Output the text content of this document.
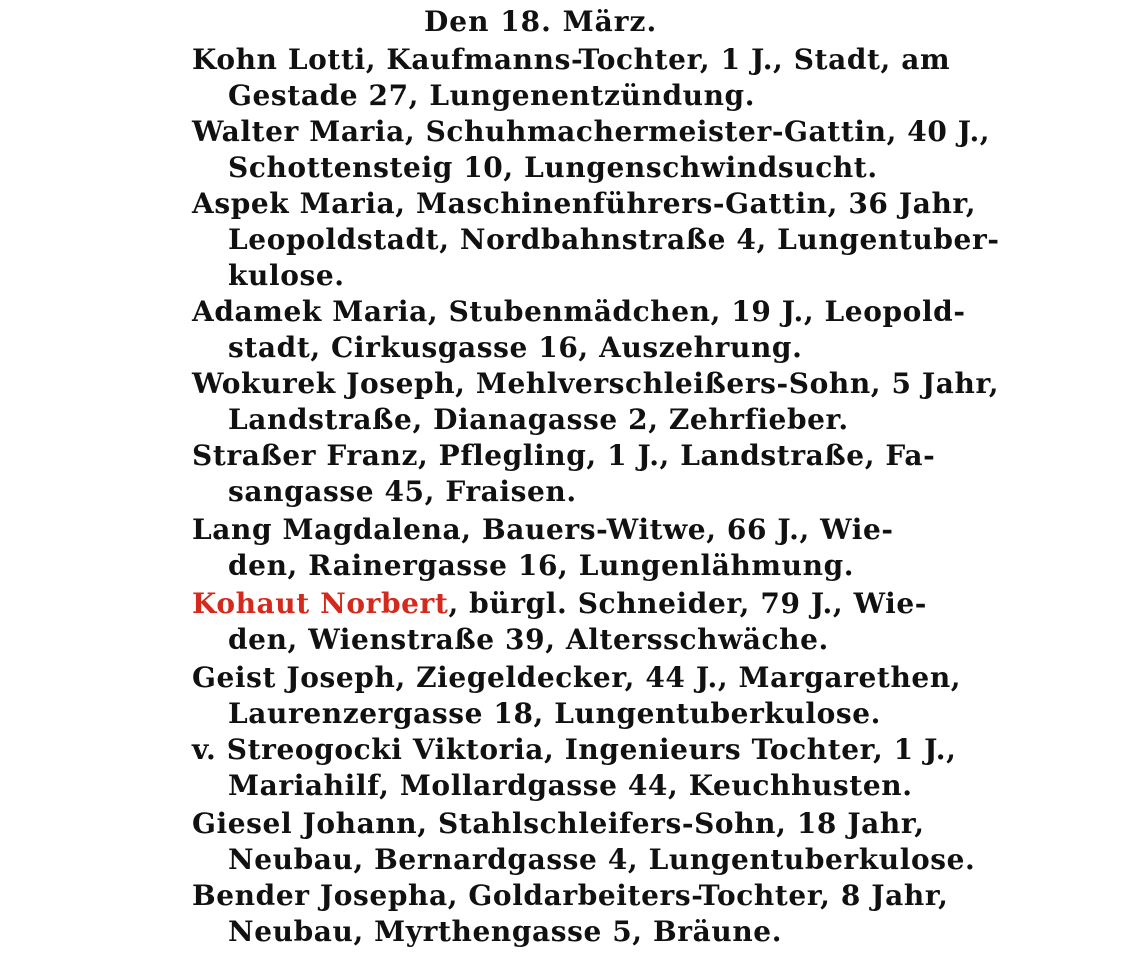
Den 18. März.
Kohn Lotti, Kaufmanns-Tochter, 1 J., Stadt, am
Gestade 27, Lungenentzündung.
Walter Maria, Schuhmachermeister-Gattin, 40 J.,
Schottensteig 10, Lungenschwindsucht.
Aspek Maria, Maschinenführers-Gattin, 36 Jahr,
Leopoldstadt, Nordbahnstraße 4, Lungentuber-
kulose.
Adamek Maria, Stubenmädchen, 19 J., Leopold-
stadt, Cirkusgasse 16, Auszehrung.
Wokurek Joseph, Mehlverschleißers-Sohn, 5 Jahr,
Landstraße, Dianagasse 2, Zehrfieber.
Straßer Franz, Pflegling, 1 J., Landstraße, Fa-
sangasse 45, Fraisen.
Lang Magdalena, Bauers-Witwe, 66 J., Wie-
den, Rainergasse 16, Lungenlähmung.
Kohaut Norbert, bürgl. Schneider, 79 J., Wie-
den, Wienstraße 39, Altersschwäche.
Geist Joseph, Ziegeldecker, 44 J., Margarethen,
Laurenzergasse 18, Lungentuberkulose.
v. Streogocki Viktoria, Ingenieurs Tochter, 1 J.,
Mariahilf, Mollardgasse 44, Keuchhusten.
Giesel Johann, Stahlschleifers-Sohn, 18 Jahr,
Neubau, Bernardgasse 4, Lungentuberkulose.
Bender Josepha, Goldarbeiters-Tochter, 8 Jahr,
Neubau, Myrthengasse 5, Bräune.
